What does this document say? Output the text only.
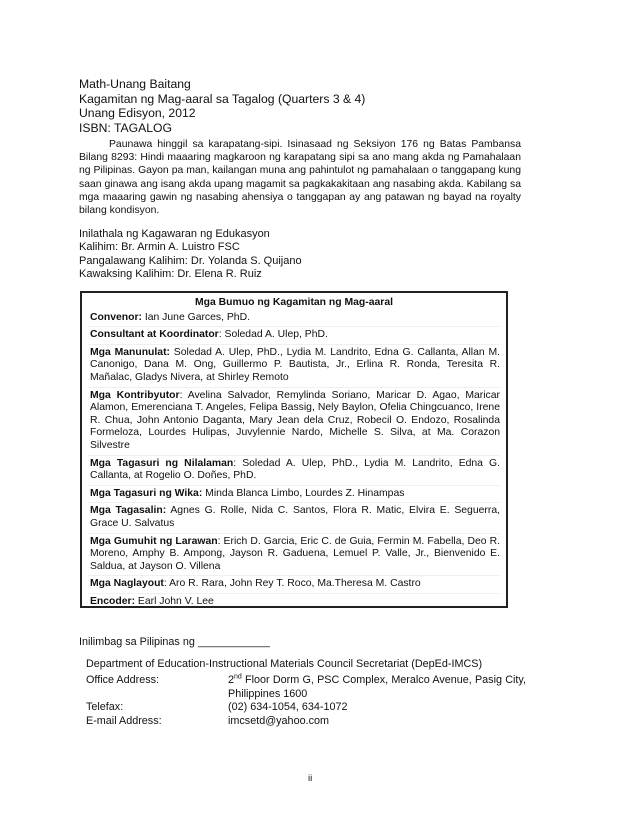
Math-Unang Baitang
Kagamitan ng Mag-aaral sa Tagalog (Quarters 3 & 4)
Unang Edisyon, 2012
ISBN: TAGALOG
Paunawa hinggil sa karapatang-sipi. Isinasaad ng Seksiyon 176 ng Batas Pambansa Bilang 8293: Hindi maaaring magkaroon ng karapatang sipi sa ano mang akda ng Pamahalaan ng Pilipinas. Gayon pa man, kailangan muna ang pahintulot ng pamahalaan o tanggapang kung saan ginawa ang isang akda upang magamit sa pagkakakitaan ang nasabing akda. Kabilang sa mga maaaring gawin ng nasabing ahensiya o tanggapan ay ang patawan ng bayad na royalty bilang kondisyon.
Inilathala ng Kagawaran ng Edukasyon
Kalihim: Br. Armin A. Luistro FSC
Pangalawang Kalihim: Dr. Yolanda S. Quijano
Kawaksing Kalihim: Dr. Elena R. Ruiz
Mga Bumuo ng Kagamitan ng Mag-aaral
Convenor: Ian June Garces, PhD.
Consultant at Koordinator: Soledad A. Ulep, PhD.
Mga Manunulat: Soledad A. Ulep, PhD., Lydia M. Landrito, Edna G. Callanta, Allan M. Canonigo, Dana M. Ong, Guillermo P. Bautista, Jr., Erlina R. Ronda, Teresita R. Mañalac, Gladys Nivera, at Shirley Remoto
Mga Kontribyutor: Avelina Salvador, Remylinda Soriano, Maricar D. Agao, Maricar Alamon, Emerenciana T. Angeles, Felipa Bassig, Nely Baylon, Ofelia Chingcuanco, Irene R. Chua, John Antonio Daganta, Mary Jean dela Cruz, Robecil O. Endozo, Rosalinda Formeloza, Lourdes Hulipas, Juvylennie Nardo, Michelle S. Silva, at Ma. Corazon Silvestre
Mga Tagasuri ng Nilalaman: Soledad A. Ulep, PhD., Lydia M. Landrito, Edna G. Callanta, at Rogelio O. Doñes, PhD.
Mga Tagasuri ng Wika: Minda Blanca Limbo, Lourdes Z. Hinampas
Mga Tagasalin: Agnes G. Rolle, Nida C. Santos, Flora R. Matic, Elvira E. Seguerra, Grace U. Salvatus
Mga Gumuhit ng Larawan: Erich D. Garcia, Eric C. de Guia, Fermin M. Fabella, Deo R. Moreno, Amphy B. Ampong, Jayson R. Gaduena, Lemuel P. Valle, Jr., Bienvenido E. Saldua, at Jayson O. Villena
Mga Naglayout: Aro R. Rara, John Rey T. Roco, Ma.Theresa M. Castro
Encoder: Earl John V. Lee
Inilimbag sa Pilipinas ng ____________
Department of Education-Instructional Materials Council Secretariat (DepEd-IMCS)
Office Address:	2nd Floor Dorm G, PSC Complex, Meralco Avenue, Pasig City, Philippines 1600
Telefax:	(02) 634-1054, 634-1072
E-mail Address:	imcsetd@yahoo.com
ii
